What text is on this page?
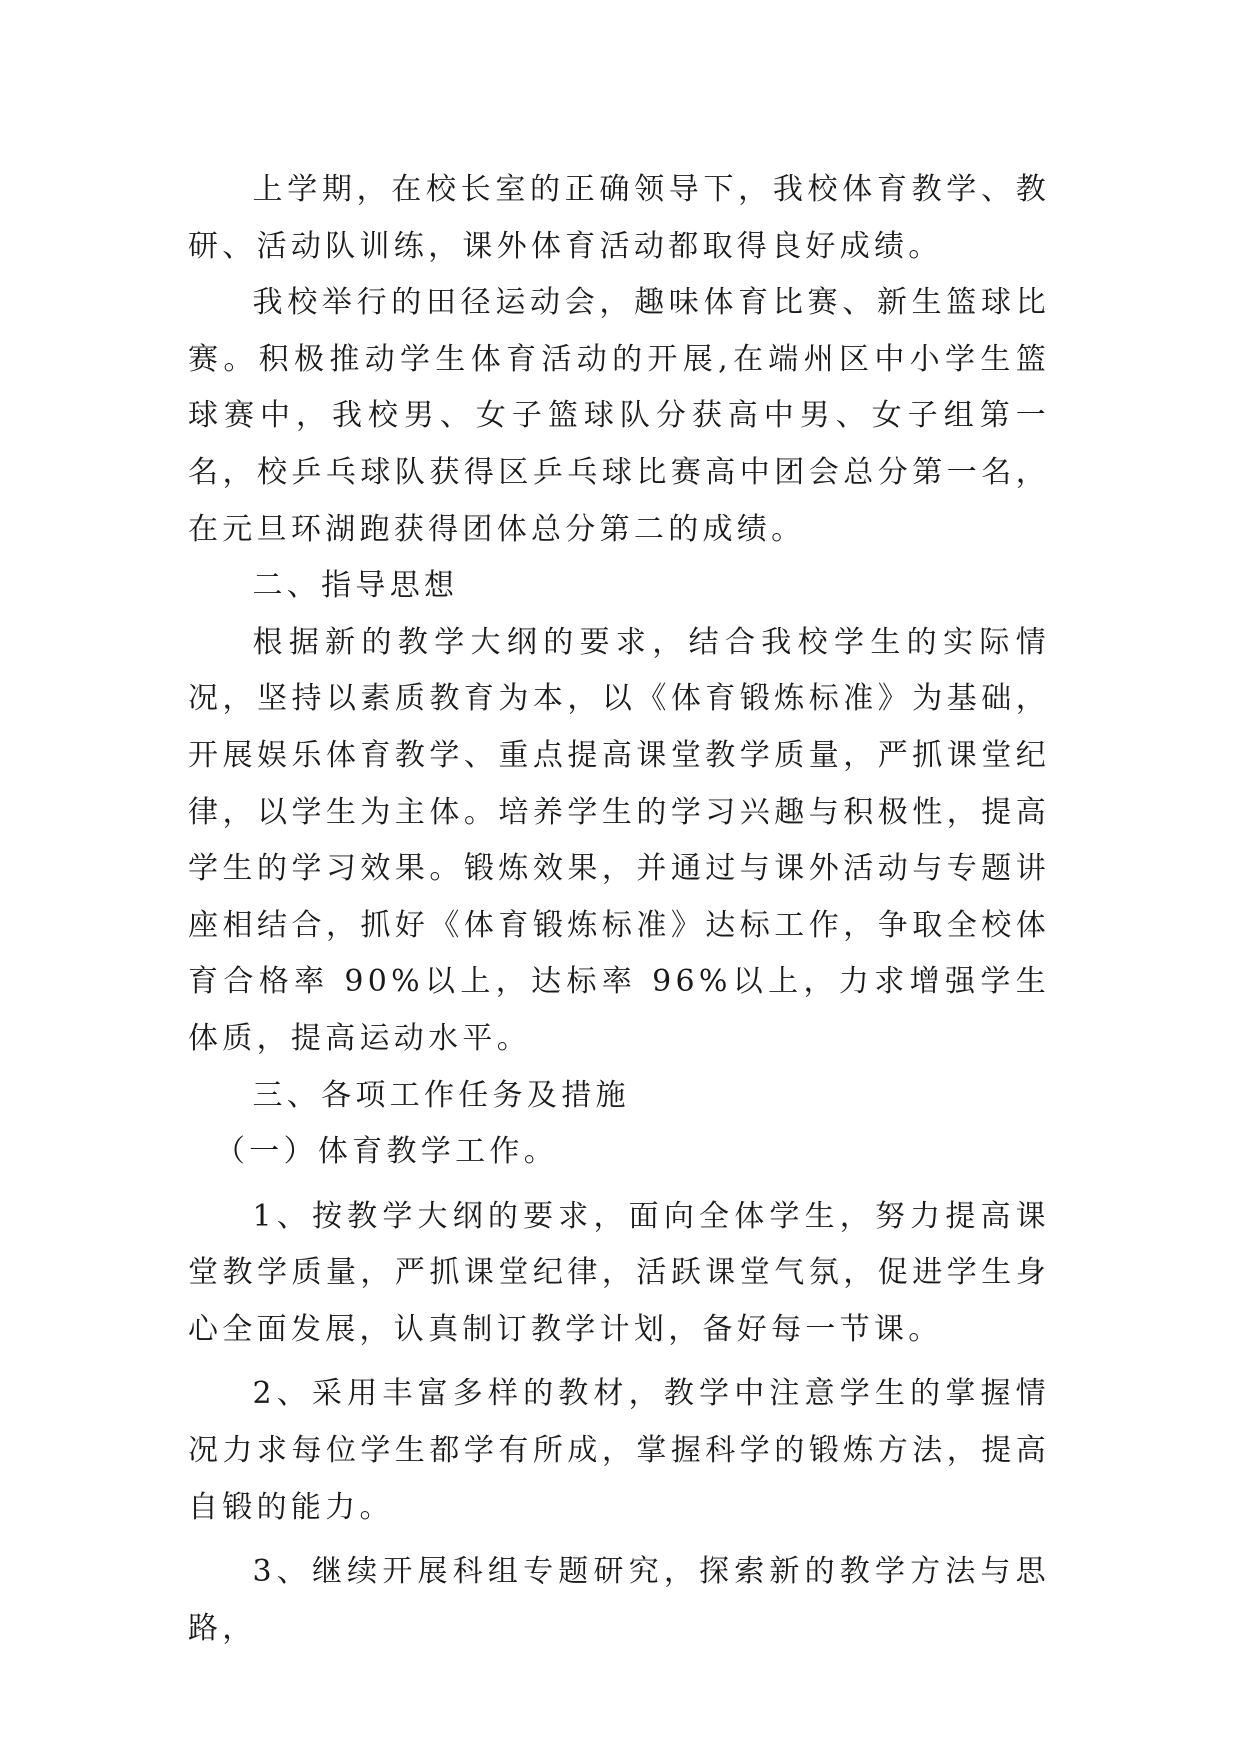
上学期，在校长室的正确领导下，我校体育教学、教研、活动队训练，课外体育活动都取得良好成绩。

我校举行的田径运动会，趣味体育比赛、新生篮球比赛。积极推动学生体育活动的开展,在端州区中小学生篮球赛中，我校男、女子篮球队分获高中男、女子组第一名，校乒乓球队获得区乒乓球比赛高中团会总分第一名，在元旦环湖跑获得团体总分第二的成绩。

二、指导思想

根据新的教学大纲的要求，结合我校学生的实际情况，坚持以素质教育为本，以《体育锻炼标准》为基础，开展娱乐体育教学、重点提高课堂教学质量，严抓课堂纪律，以学生为主体。培养学生的学习兴趣与积极性，提高学生的学习效果。锻炼效果，并通过与课外活动与专题讲座相结合，抓好《体育锻炼标准》达标工作，争取全校体育合格率 90%以上，达标率 96%以上，力求增强学生体质，提高运动水平。

三、各项工作任务及措施

（一）体育教学工作。

1、按教学大纲的要求，面向全体学生，努力提高课堂教学质量，严抓课堂纪律，活跃课堂气氛，促进学生身心全面发展，认真制订教学计划，备好每一节课。

2、采用丰富多样的教材，教学中注意学生的掌握情况力求每位学生都学有所成，掌握科学的锻炼方法，提高自锻的能力。

3、继续开展科组专题研究，探索新的教学方法与思路，
